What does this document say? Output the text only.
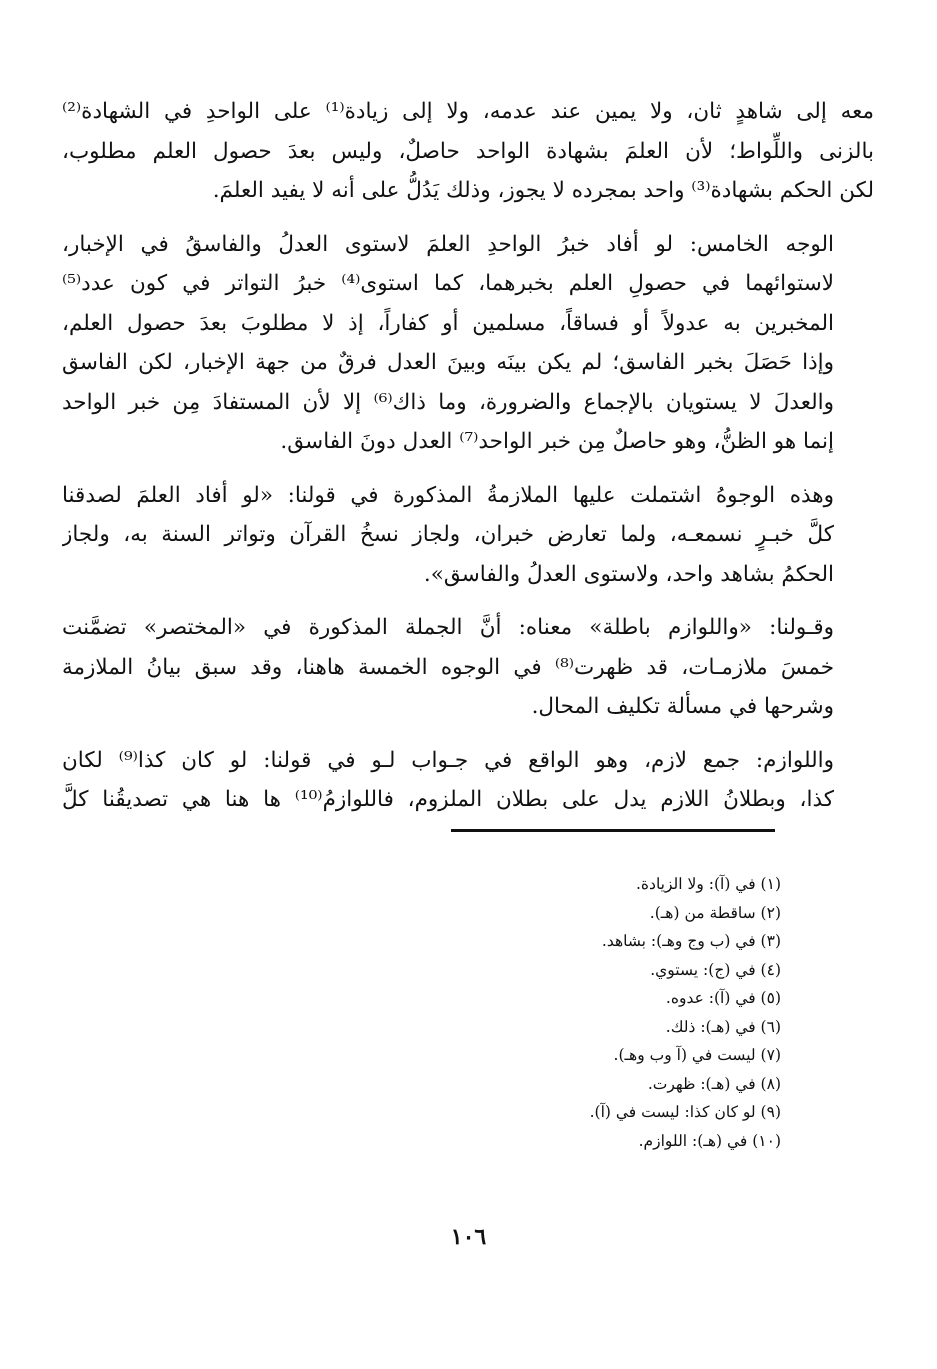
معه إلى شاهدٍ ثان، ولا يمين عند عدمه، ولا إلى زيادة⁽¹⁾ على الواحدِ في الشهادة⁽²⁾
بالزنى واللِّواط؛ لأن العلمَ بشهادة الواحد حاصلٌ، وليس بعدَ حصول العلم مطلوب،
لكن الحكم بشهادة⁽³⁾ واحد بمجرده لا يجوز، وذلك يَدُلُّ على أنه لا يفيد العلمَ.
الوجه الخامس: لو أفاد خبرُ الواحدِ العلمَ لاستوى العدلُ والفاسقُ في الإخبار،
لاستوائهما في حصولِ العلم بخبرهما، كما استوى⁽⁴⁾ خبرُ التواتر في كون عدد⁽⁵⁾
المخبرين به عدولاً أو فساقاً، مسلمين أو كفاراً، إذ لا مطلوبَ بعدَ حصول العلم،
وإذا حَصَلَ بخبر الفاسق؛ لم يكن بينَه وبينَ العدل فرقٌ من جهة الإخبار، لكن الفاسق
والعدلَ لا يستويان بالإجماع والضرورة، وما ذاك⁽⁶⁾ إلا لأن المستفادَ مِن خبر الواحد
إنما هو الظنُّ، وهو حاصلٌ مِن خبر الواحد⁽⁷⁾ العدل دونَ الفاسق.
وهذه الوجوهُ اشتملت عليها الملازمةُ المذكورة في قولنا: «لو أفاد العلمَ لصدقنا
كلَّ خبـرٍ نسمعـه، ولما تعارض خبران، ولجاز نسخُ القرآن وتواتر السنة به، ولجاز
الحكمُ بشاهد واحد، ولاستوى العدلُ والفاسق».
وقـولنا: «واللوازم باطلة» معناه: أنَّ الجملة المذكورة في «المختصر» تضمَّنت
خمسَ ملازمـات، قد ظهرت⁽⁸⁾ في الوجوه الخمسة هاهنا، وقد سبق بيانُ الملازمة
وشرحها في مسألة تكليف المحال.
واللوازم: جمع لازم، وهو الواقع في جـواب لـو في قولنا: لو كان كذا⁽⁹⁾ لكان
كذا، وبطلانُ اللازم يدل على بطلان الملزوم، فاللوازمُ⁽¹⁰⁾ ها هنا هي تصديقُنا كلَّ

(١) في (آ): ولا الزيادة.

(٢) ساقطة من (هـ).

(٣) في (ب وج وهـ): بشاهد.

(٤) في (ج): يستوي.

(٥) في (آ): عدوه.

(٦) في (هـ): ذلك.

(٧) ليست في (آ وب وهـ).

(٨) في (هـ): ظهرت.

(٩) لو كان كذا: ليست في (آ).

(١٠) في (هـ): اللوازم.

١٠٦
